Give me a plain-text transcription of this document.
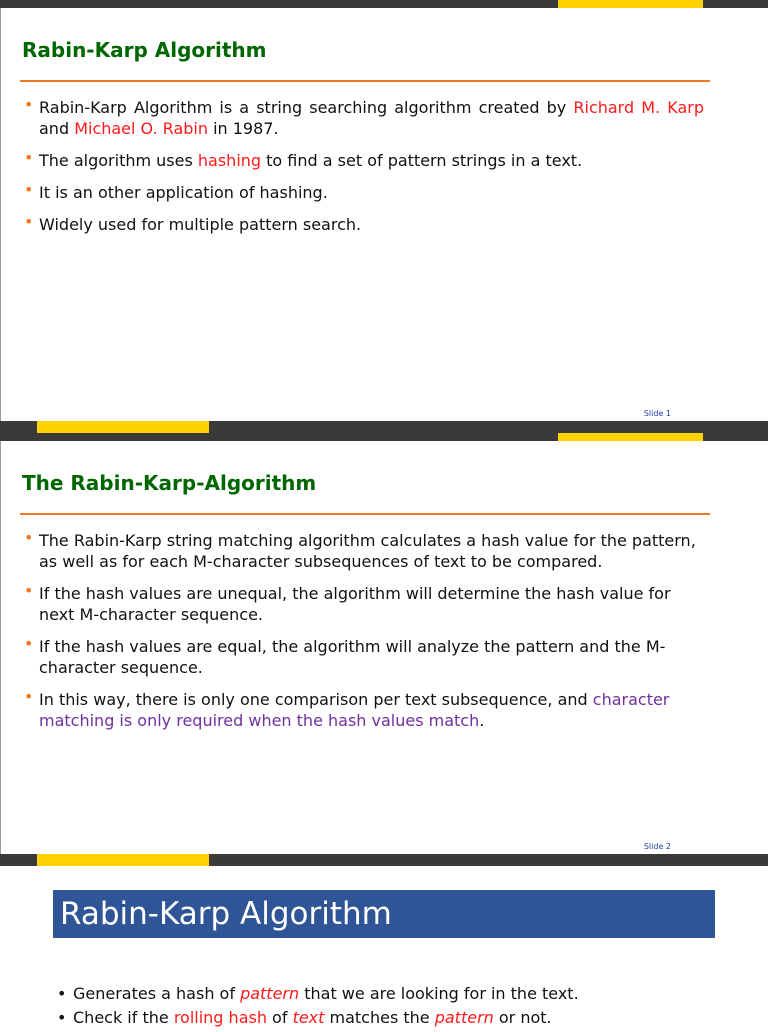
Rabin-Karp Algorithm
• Rabin-Karp Algorithm is a string searching algorithm created by Richard M. Karp and Michael O. Rabin in 1987.
• The algorithm uses hashing to find a set of pattern strings in a text.
• It is an other application of hashing.
• Widely used for multiple pattern search.
Slide 1
The Rabin-Karp-Algorithm
• The Rabin-Karp string matching algorithm calculates a hash value for the pattern, as well as for each M-character subsequences of text to be compared.
• If the hash values are unequal, the algorithm will determine the hash value for next M-character sequence.
• If the hash values are equal, the algorithm will analyze the pattern and the M-character sequence.
• In this way, there is only one comparison per text subsequence, and character matching is only required when the hash values match.
Slide 2
Rabin-Karp Algorithm
• Generates a hash of pattern that we are looking for in the text.
• Check if the rolling hash of text matches the pattern or not.
